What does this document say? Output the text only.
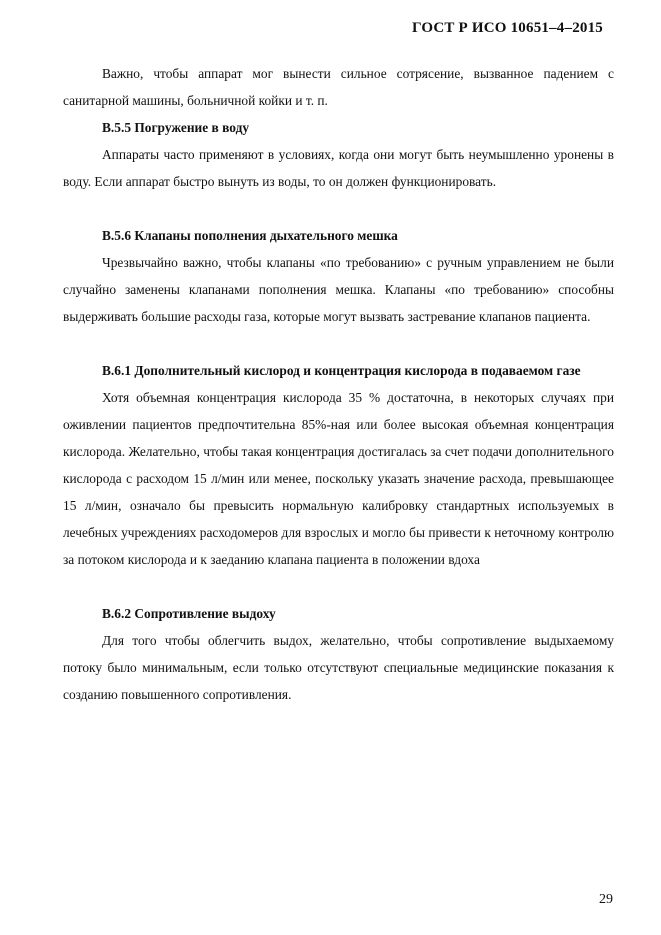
ГОСТ Р ИСО 10651–4–2015

Важно, чтобы аппарат мог вынести сильное сотрясение, вызванное падением с санитарной машины, больничной койки и т. п.

В.5.5 Погружение в воду

Аппараты часто применяют в условиях, когда они могут быть неумышленно уронены в воду. Если аппарат быстро вынуть из воды, то он должен функционировать.

В.5.6 Клапаны пополнения дыхательного мешка

Чрезвычайно важно, чтобы клапаны «по требованию» с ручным управлением не были случайно заменены клапанами пополнения мешка. Клапаны «по требованию» способны выдерживать большие расходы газа, которые могут вызвать застревание клапанов пациента.

В.6.1 Дополнительный кислород и концентрация кислорода в подаваемом газе

Хотя объемная концентрация кислорода 35 % достаточна, в некоторых случаях при оживлении пациентов предпочтительна 85%-ная или более высокая объемная концентрация кислорода. Желательно, чтобы такая концентрация достигалась за счет подачи дополнительного кислорода с расходом 15 л/мин или менее, поскольку указать значение расхода, превышающее 15 л/мин, означало бы превысить нормальную калибровку стандартных используемых в лечебных учреждениях расходомеров для взрослых и могло бы привести к неточному контролю за потоком кислорода и к заеданию клапана пациента в положении вдоха

В.6.2 Сопротивление выдоху

Для того чтобы облегчить выдох, желательно, чтобы сопротивление выдыхаемому потоку было минимальным, если только отсутствуют специальные медицинские показания к созданию повышенного сопротивления.

29
